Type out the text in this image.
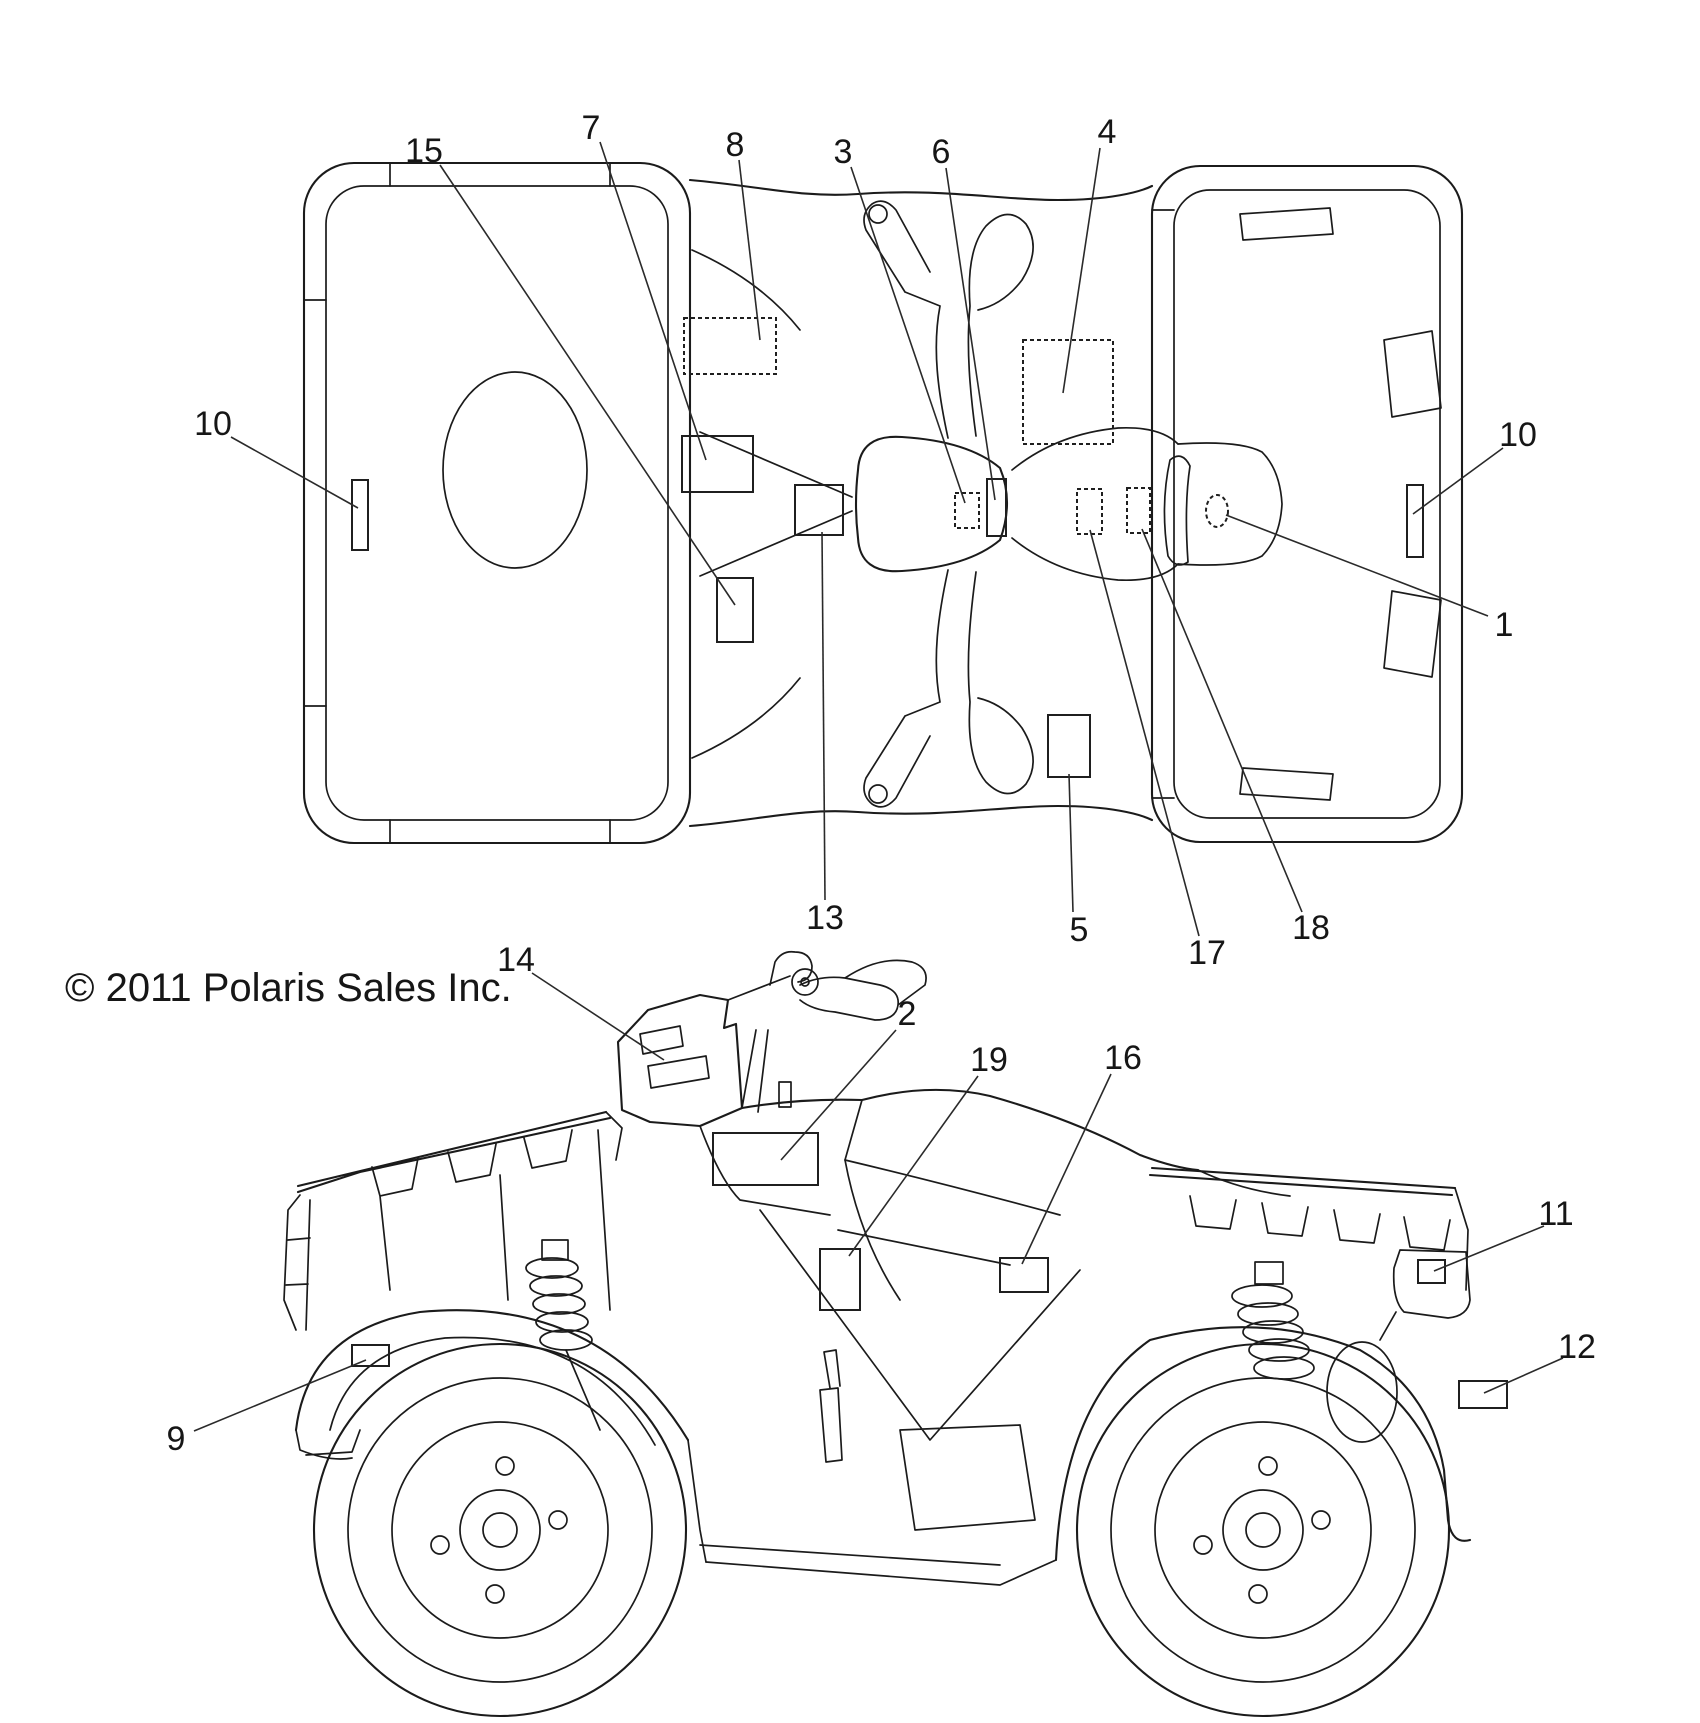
15
7	8	3 6
4
10	10
1
13	5
17
18
14
2
19	16
9
11
12
© 2011 Polaris Sales Inc.
